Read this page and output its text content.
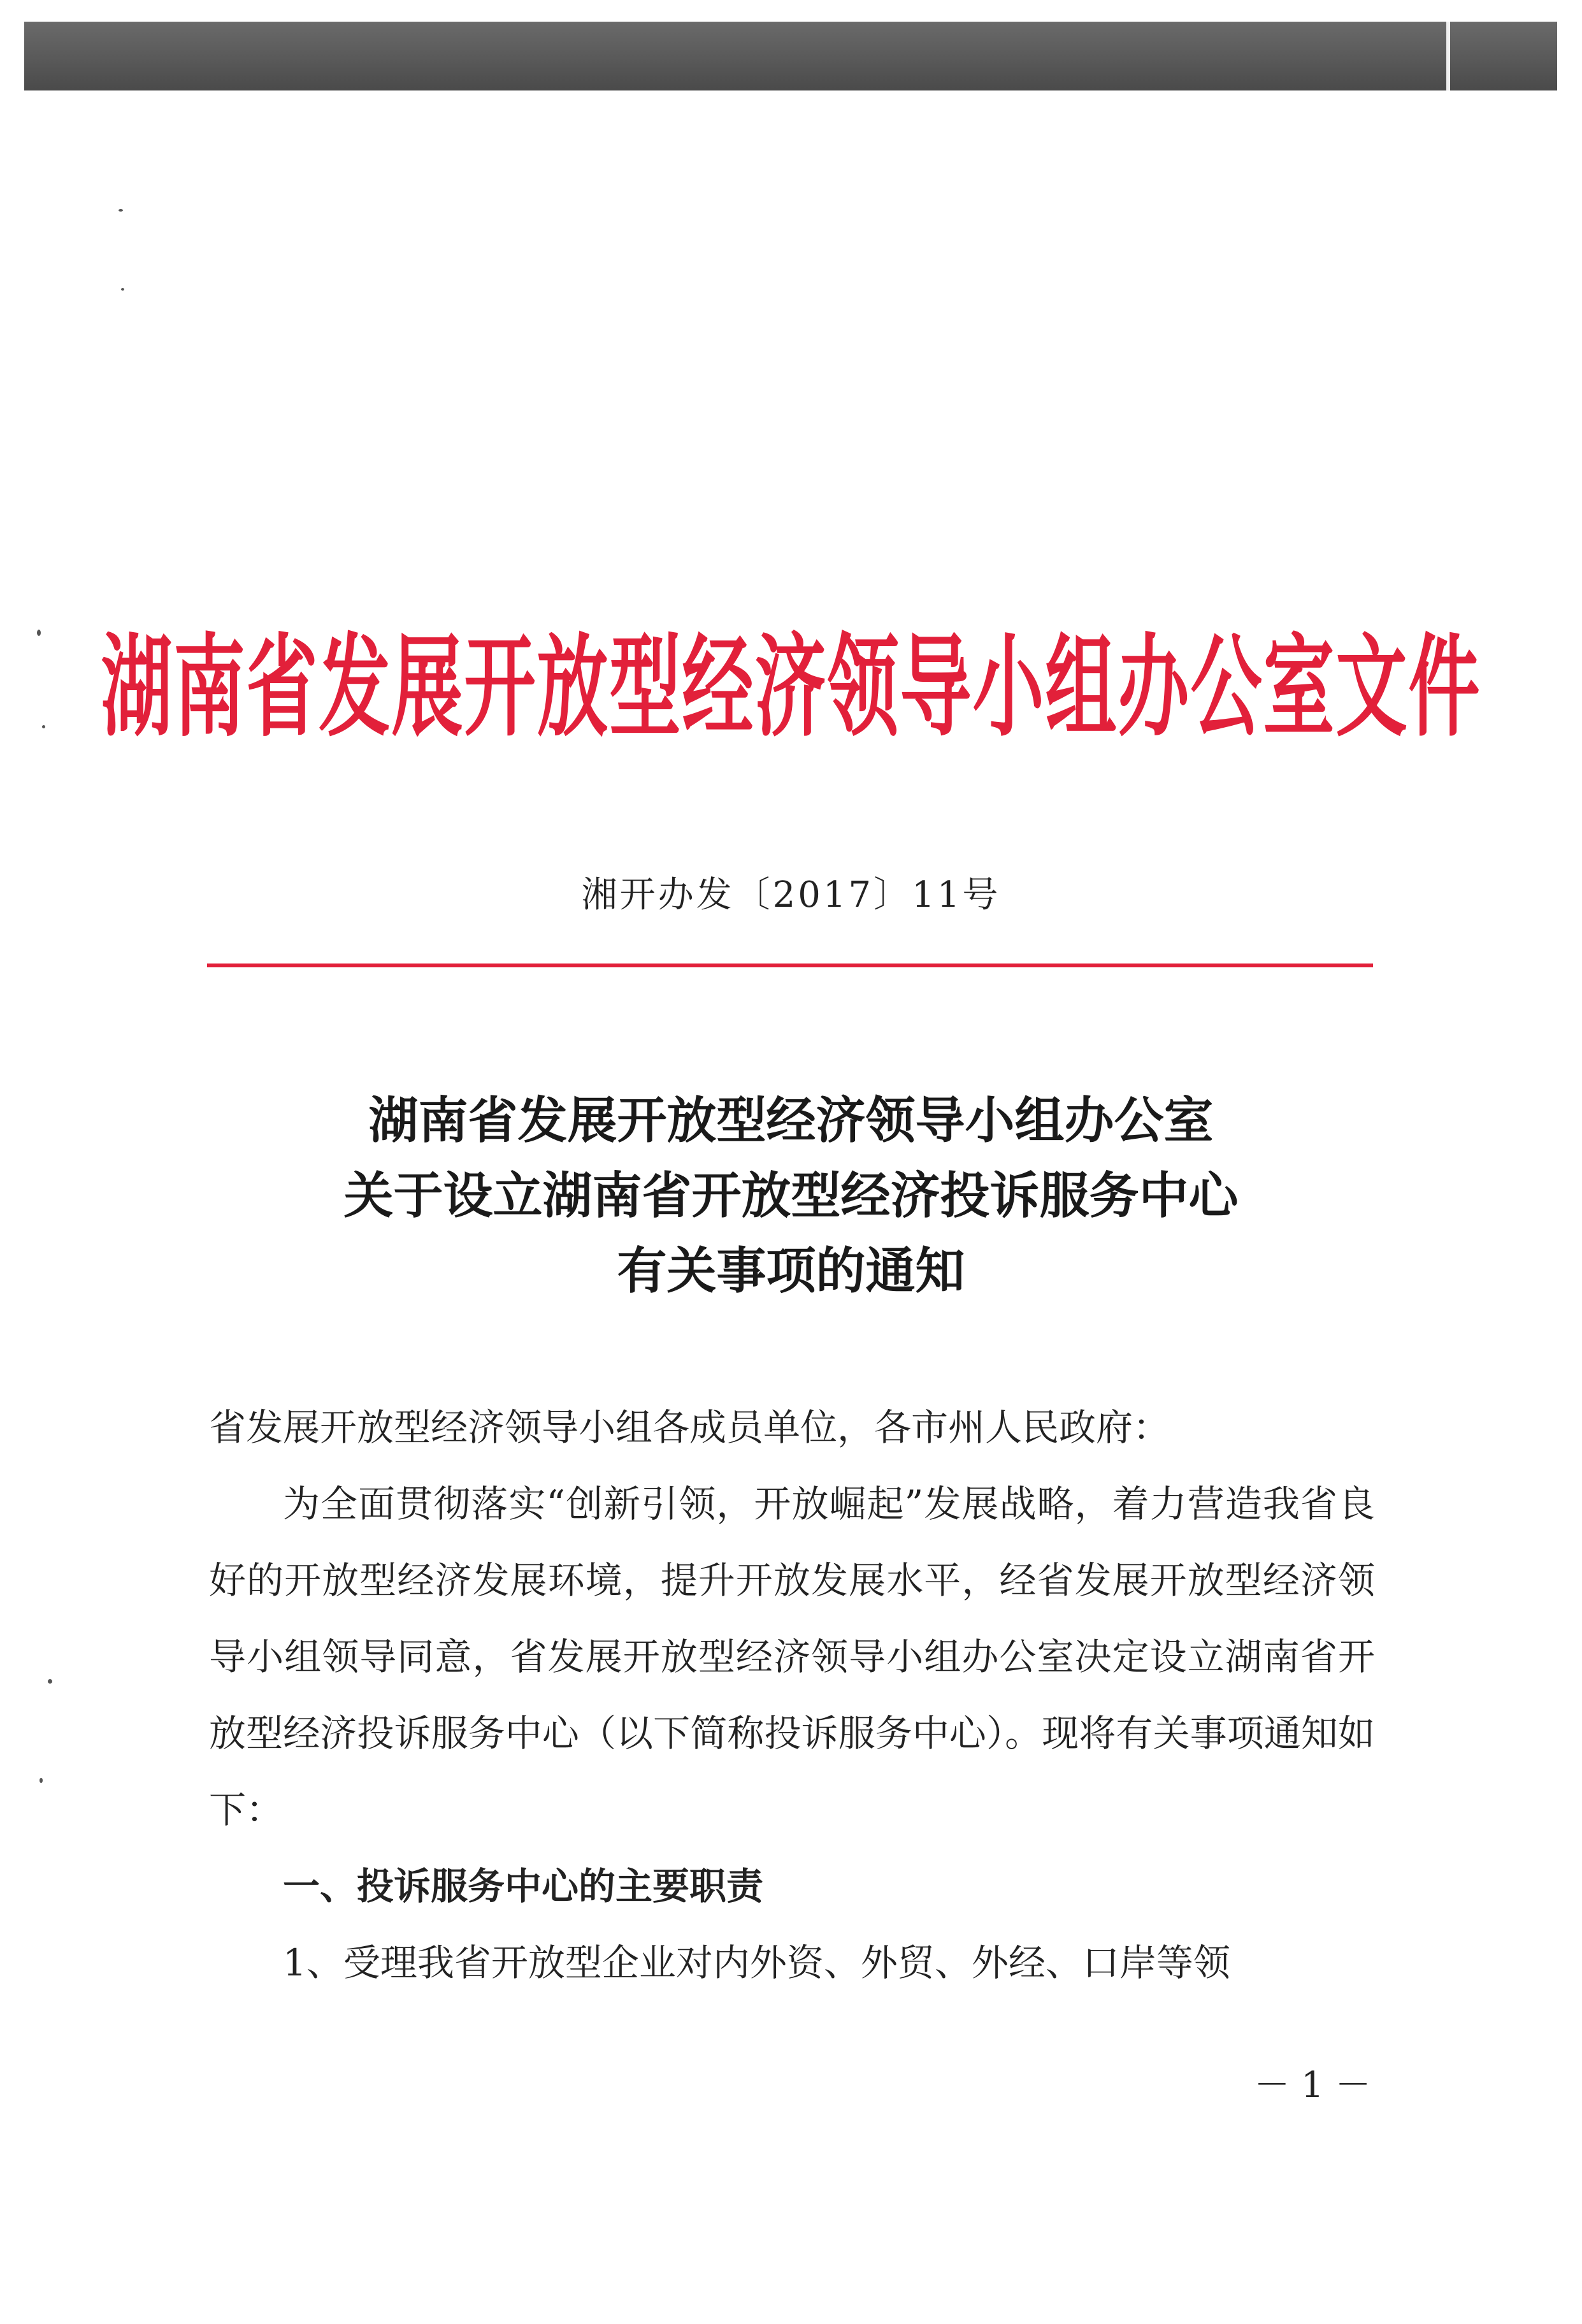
湖南省发展开放型经济领导小组办公室文件
湘开办发〔2017〕11号
湖南省发展开放型经济领导小组办公室
关于设立湖南省开放型经济投诉服务中心
有关事项的通知

省发展开放型经济领导小组各成员单位，各市州人民政府：

为全面贯彻落实“创新引领，开放崛起”发展战略，着力营造我省良好的开放型经济发展环境，提升开放发展水平，经省发展开放型经济领导小组领导同意，省发展开放型经济领导小组办公室决定设立湖南省开放型经济投诉服务中心（以下简称投诉服务中心）。现将有关事项通知如下：

一、投诉服务中心的主要职责

1、受理我省开放型企业对内外资、外贸、外经、口岸等领

－ 1 －
